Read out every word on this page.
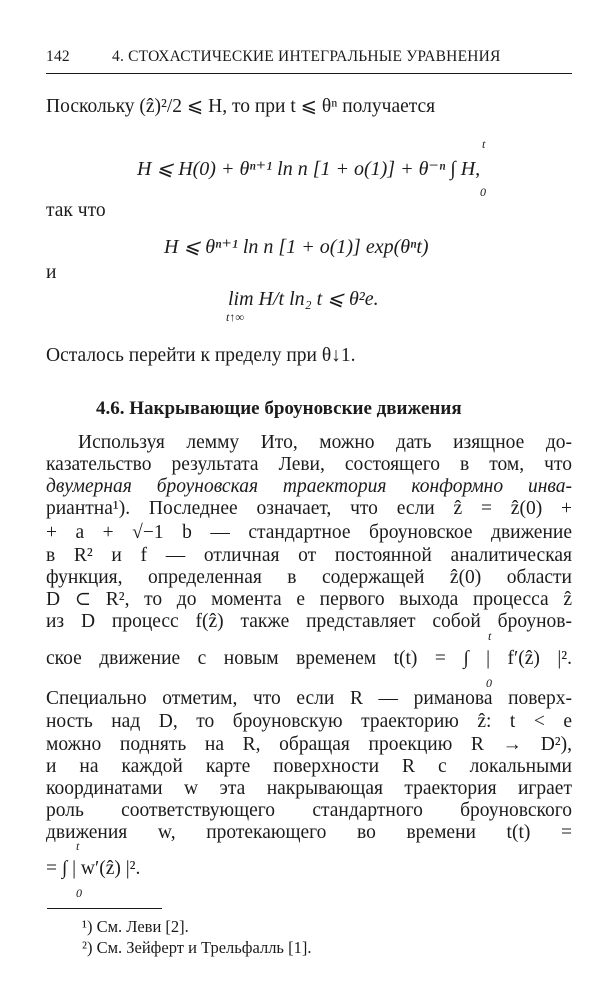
142	4. СТОХАСТИЧЕСКИЕ ИНТЕГРАЛЬНЫЕ УРАВНЕНИЯ
Поскольку (ẑ)²/2 ⩽ H, то при t ⩽ θⁿ получается
t
H ⩽ H(0) + θⁿ⁺¹ ln n [1 + o(1)] + θ⁻ⁿ ∫ H,
0
так что
H ⩽ θⁿ⁺¹ ln n [1 + o(1)] exp(θⁿt)
и
lim H/t ln₂ t ⩽ θ²e.
t↑∞
Осталось перейти к пределу при θ↓1.
4.6. Накрывающие броуновские движения
Используя лемму Ито, можно дать изящное до-
казательство результата Леви, состоящего в том, что
двумерная броуновская траектория конформно инва-
риантна¹). Последнее означает, что если ẑ = ẑ(0) +
+ a + √−1 b — стандартное броуновское движение
в R² и f — отличная от постоянной аналитическая
функция, определенная в содержащей ẑ(0) области
D ⊂ R², то до момента e первого выхода процесса ẑ
из D процесс f(ẑ) также представляет собой броунов-
t
ское движение с новым временем t(t) = ∫ | f′(ẑ) |².
0
Специально отметим, что если R — риманова поверх-
ность над D, то броуновскую траекторию ẑ: t < e
можно поднять на R, обращая проекцию R → D²),
и на каждой карте поверхности R с локальными
координатами w эта накрывающая траектория играет
роль соответствующего стандартного броуновского
движения w, протекающего во времени t(t) =
t
= ∫ | w′(ẑ) |².
0
¹) См. Леви [2].
²) См. Зейферт и Трельфалль [1].
